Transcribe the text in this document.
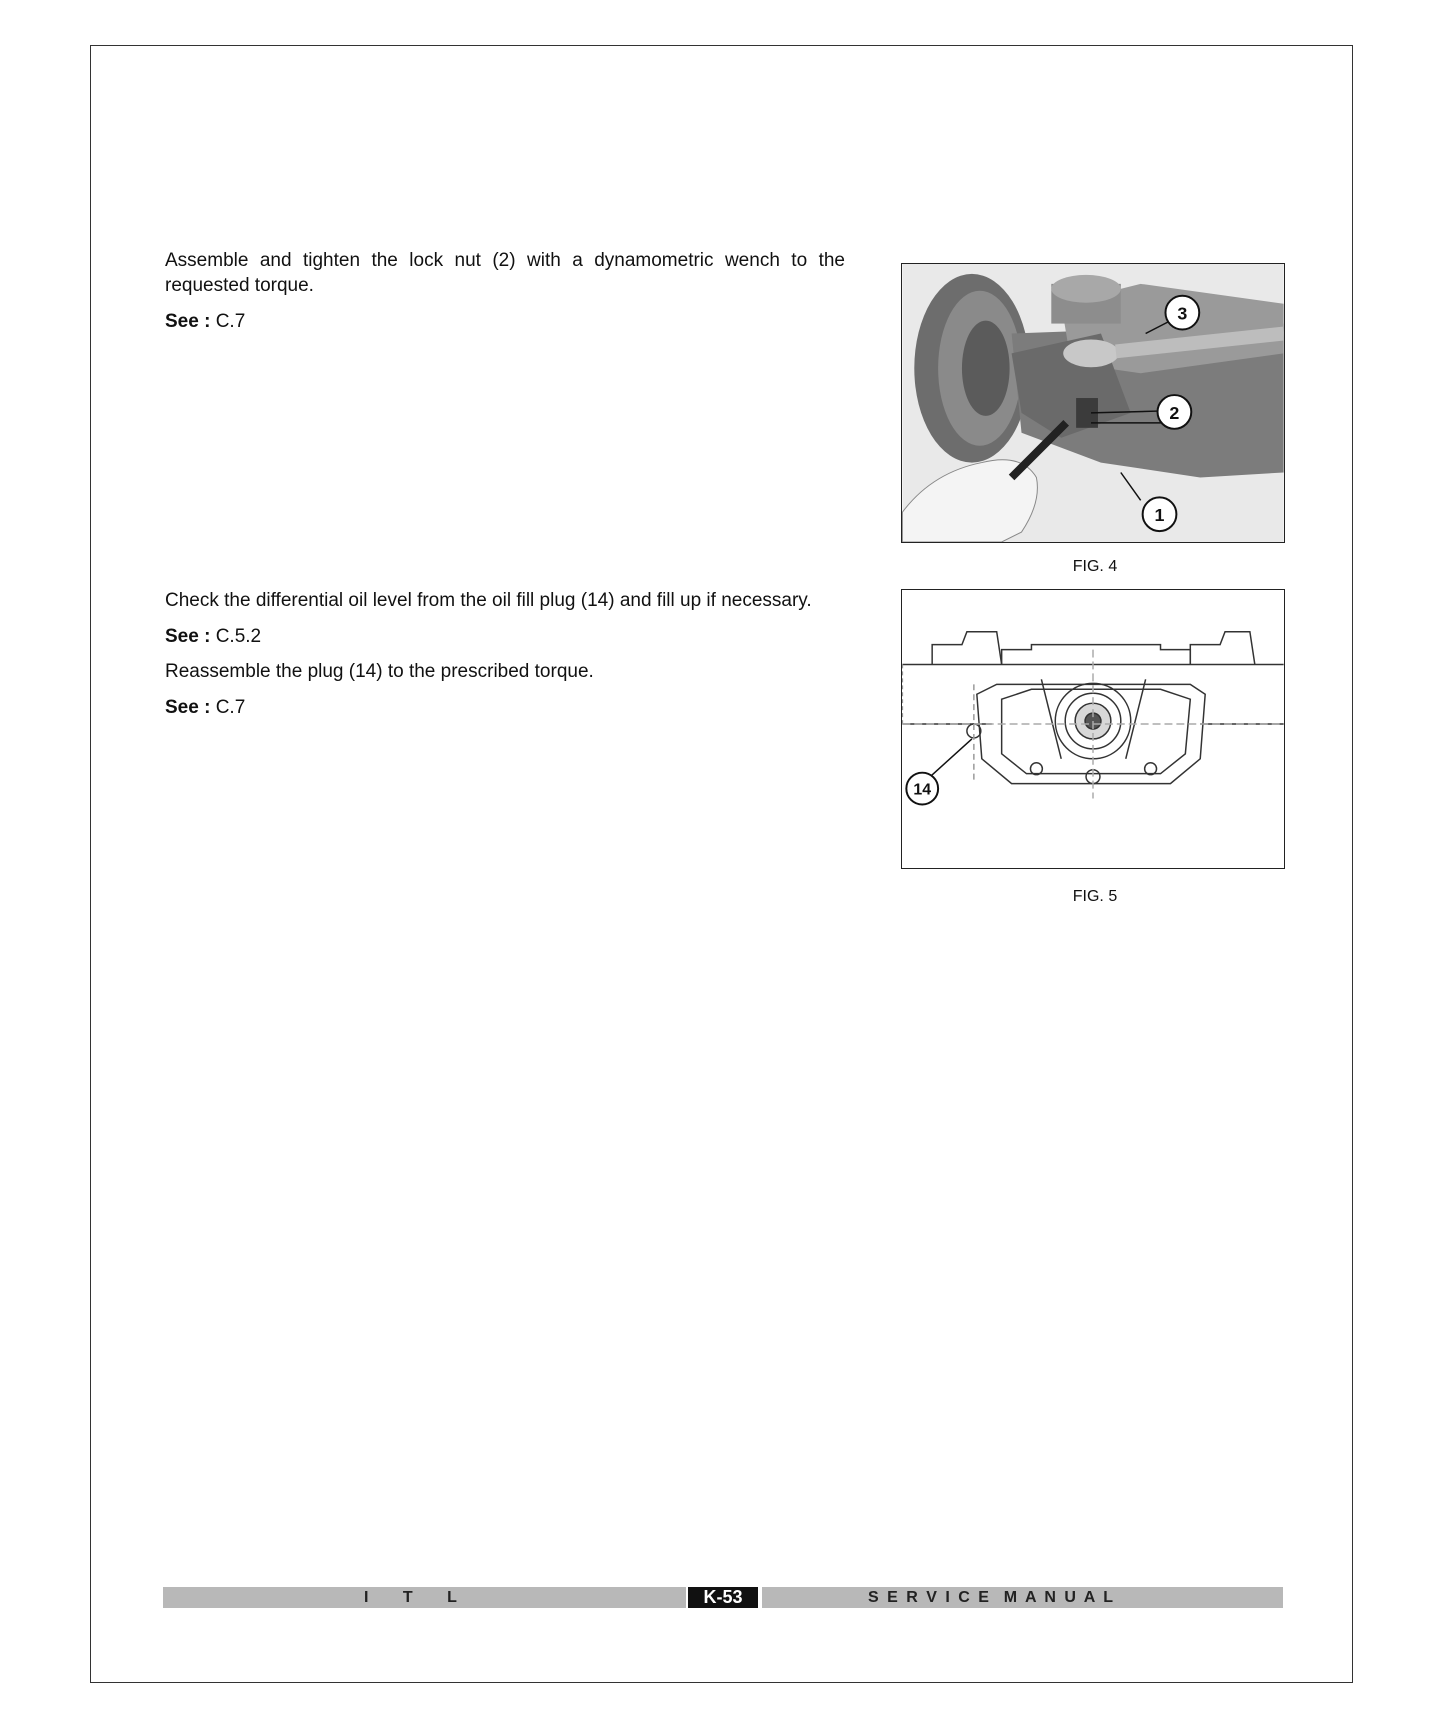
Assemble and tighten the lock nut (2) with a dynamometric wench to the requested torque.

See : C.7	3
2
1
FIG. 4

Check the differential oil level from the oil fill plug (14) and fill up if necessary.

See : C.5.2

Reassemble the plug (14) to the prescribed torque.

See : C.7

14
FIG. 5
I T L	K-53	S E R V I C E  M A N U A L
